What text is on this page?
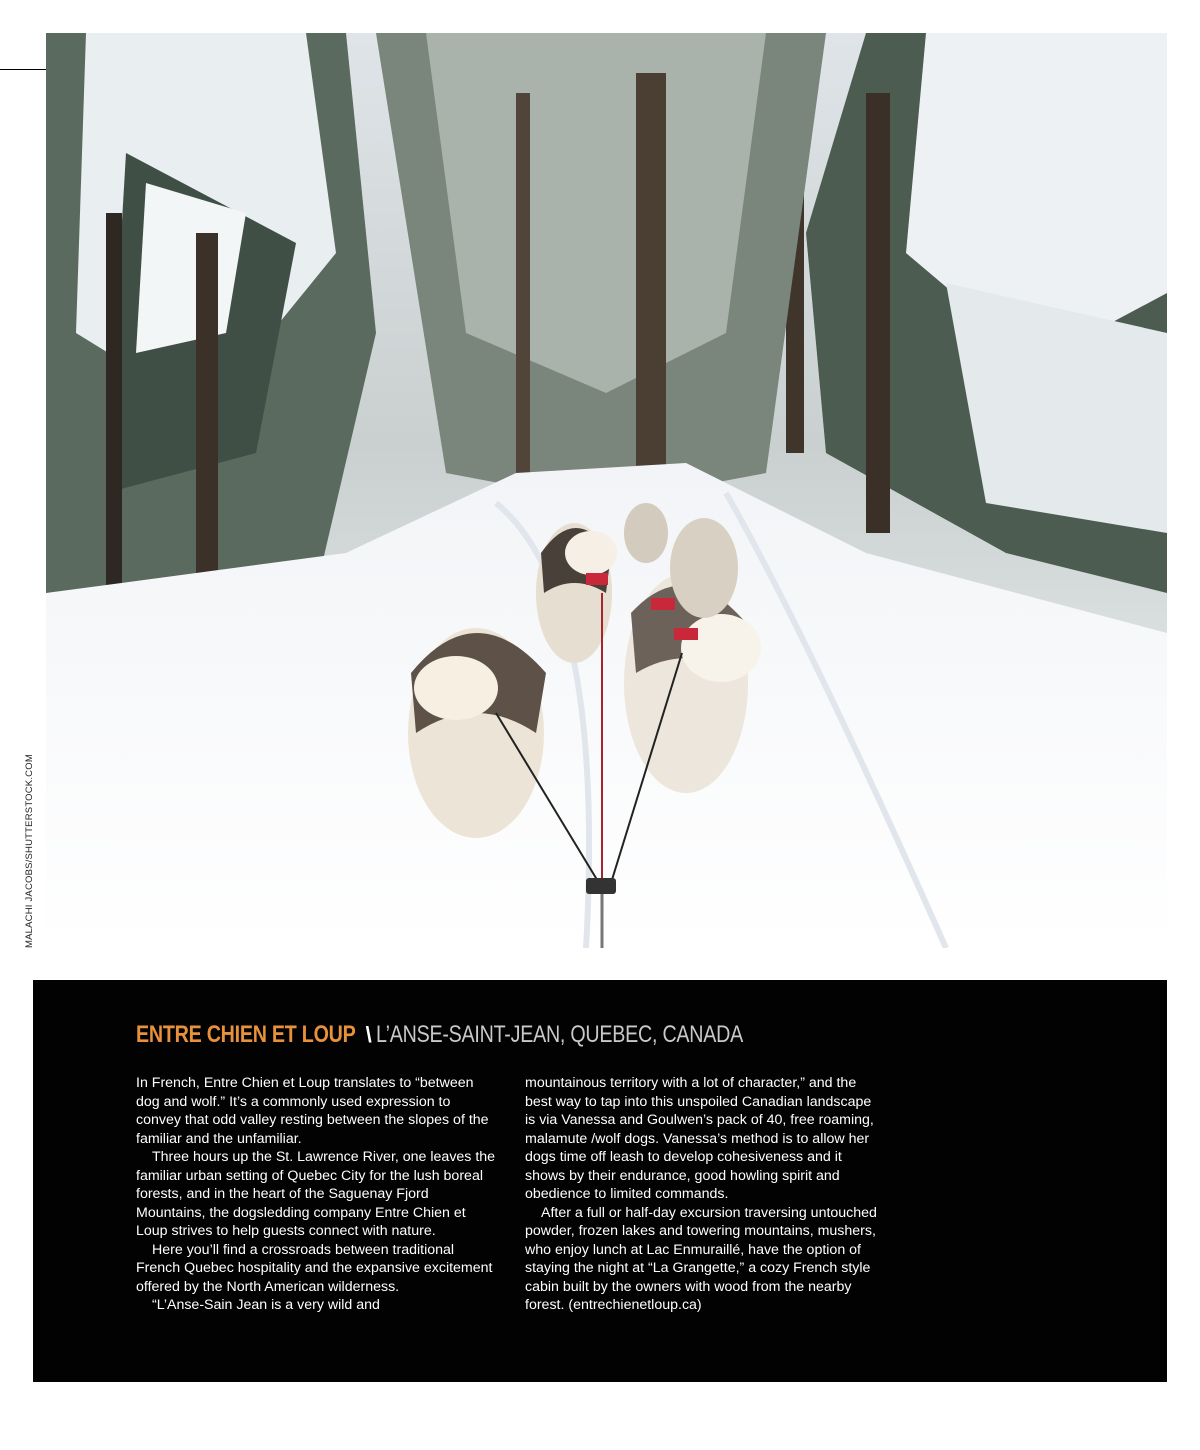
MALACHI JACOBS/SHUTTERSTOCK.COM
ENTRE CHIEN ET LOUP \ L’ANSE-SAINT-JEAN, QUEBEC, CANADA

In French, Entre Chien et Loup translates to “between dog and wolf.” It’s a commonly used expression to convey that odd valley resting between the slopes of the familiar and the unfamiliar.

Three hours up the St. Lawrence River, one leaves the familiar urban setting of Quebec City for the lush boreal forests, and in the heart of the Saguenay Fjord Mountains, the dogsledding company Entre Chien et Loup strives to help guests connect with nature.

Here you’ll find a crossroads between traditional French Quebec hospitality and the expansive excitement offered by the North American wilderness.

“L’Anse-Sain Jean is a very wild and

mountainous territory with a lot of character,” and the best way to tap into this unspoiled Canadian landscape is via Vanessa and Goulwen’s pack of 40, free roaming, malamute /wolf dogs. Vanessa’s method is to allow her dogs time off leash to develop cohesiveness and it shows by their endurance, good howling spirit and obedience to limited commands.

After a full or half-day excursion traversing untouched powder, frozen lakes and towering mountains, mushers, who enjoy lunch at Lac Enmuraillé, have the option of staying the night at “La Grangette,” a cozy French style cabin built by the owners with wood from the nearby forest. (entrechienetloup.ca)
